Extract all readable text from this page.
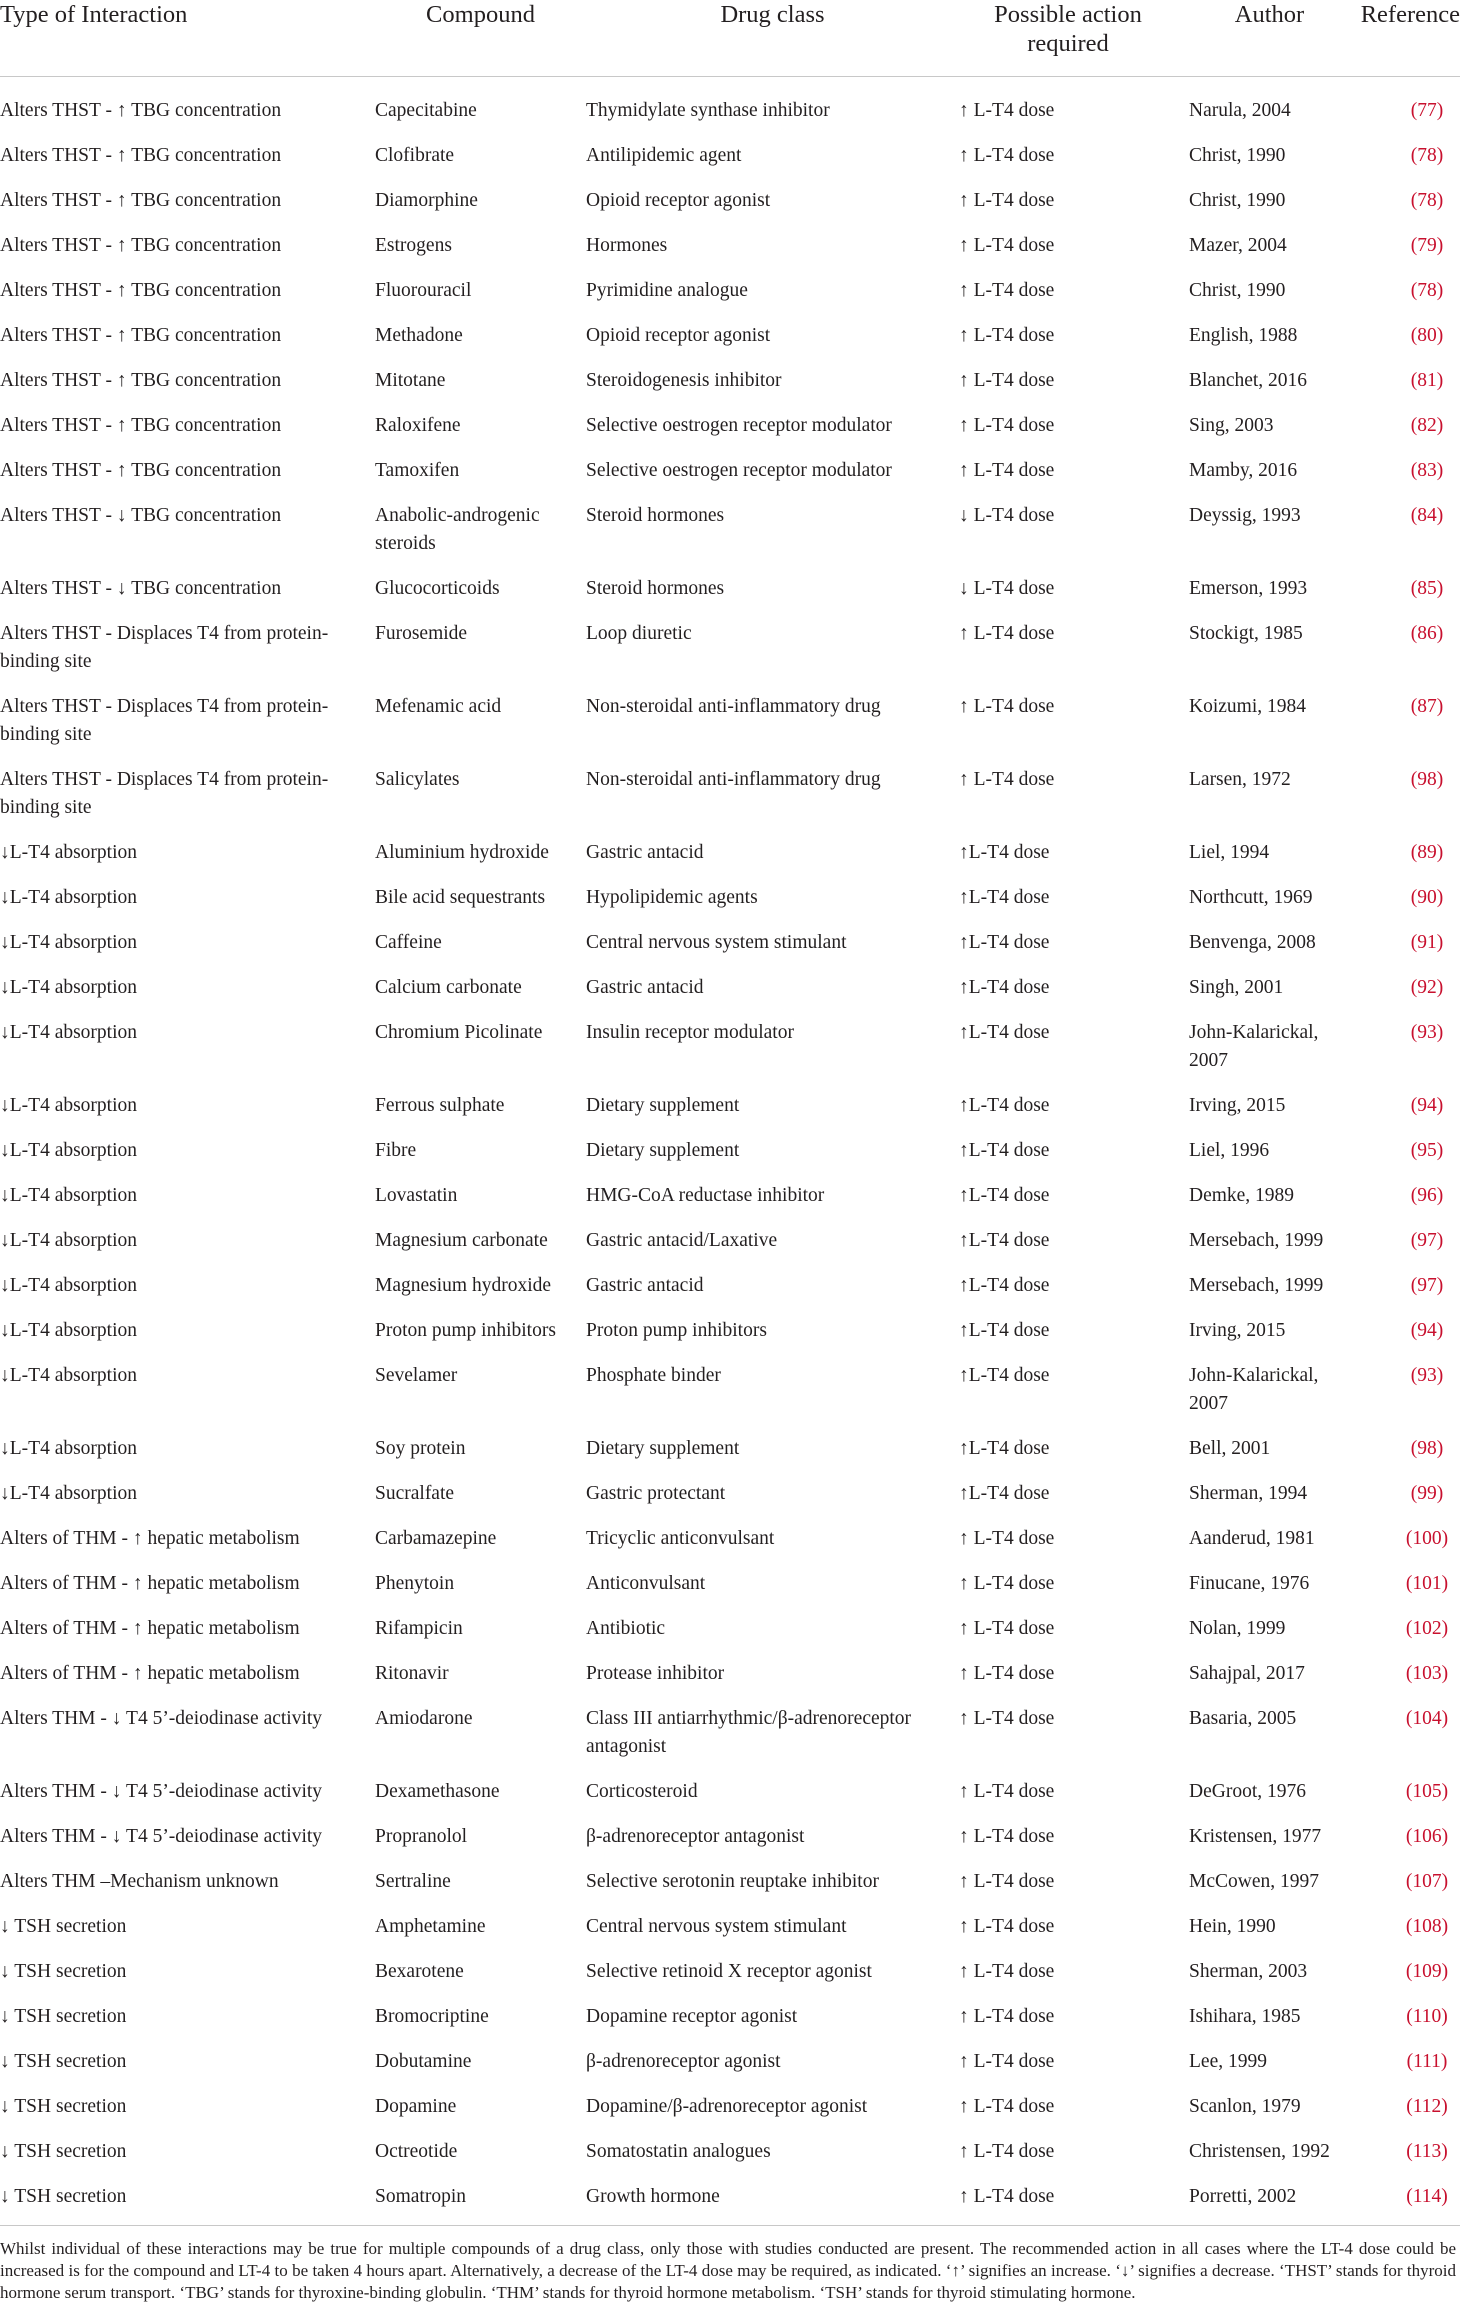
Type of Interaction	Compound	Drug class	Possible action required	Author	Reference
Alters THST - ↑ TBG concentration	Capecitabine	Thymidylate synthase inhibitor	↑ L-T4 dose	Narula, 2004	(77)
Alters THST - ↑ TBG concentration	Clofibrate	Antilipidemic agent	↑ L-T4 dose	Christ, 1990	(78)
Alters THST - ↑ TBG concentration	Diamorphine	Opioid receptor agonist	↑ L-T4 dose	Christ, 1990	(78)
Alters THST - ↑ TBG concentration	Estrogens	Hormones	↑ L-T4 dose	Mazer, 2004	(79)
Alters THST - ↑ TBG concentration	Fluorouracil	Pyrimidine analogue	↑ L-T4 dose	Christ, 1990	(78)
Alters THST - ↑ TBG concentration	Methadone	Opioid receptor agonist	↑ L-T4 dose	English, 1988	(80)
Alters THST - ↑ TBG concentration	Mitotane	Steroidogenesis inhibitor	↑ L-T4 dose	Blanchet, 2016	(81)
Alters THST - ↑ TBG concentration	Raloxifene	Selective oestrogen receptor modulator	↑ L-T4 dose	Sing, 2003	(82)
Alters THST - ↑ TBG concentration	Tamoxifen	Selective oestrogen receptor modulator	↑ L-T4 dose	Mamby, 2016	(83)
Alters THST - ↓ TBG concentration	Anabolic-androgenic steroids	Steroid hormones	↓ L-T4 dose	Deyssig, 1993	(84)
Alters THST - ↓ TBG concentration	Glucocorticoids	Steroid hormones	↓ L-T4 dose	Emerson, 1993	(85)
Alters THST - Displaces T4 from protein-binding site	Furosemide	Loop diuretic	↑ L-T4 dose	Stockigt, 1985	(86)
Alters THST - Displaces T4 from protein-binding site	Mefenamic acid	Non-steroidal anti-inflammatory drug	↑ L-T4 dose	Koizumi, 1984	(87)
Alters THST - Displaces T4 from protein-binding site	Salicylates	Non-steroidal anti-inflammatory drug	↑ L-T4 dose	Larsen, 1972	(98)
↓L-T4 absorption	Aluminium hydroxide	Gastric antacid	↑L-T4 dose	Liel, 1994	(89)
↓L-T4 absorption	Bile acid sequestrants	Hypolipidemic agents	↑L-T4 dose	Northcutt, 1969	(90)
↓L-T4 absorption	Caffeine	Central nervous system stimulant	↑L-T4 dose	Benvenga, 2008	(91)
↓L-T4 absorption	Calcium carbonate	Gastric antacid	↑L-T4 dose	Singh, 2001	(92)
↓L-T4 absorption	Chromium Picolinate	Insulin receptor modulator	↑L-T4 dose	John-Kalarickal, 2007	(93)
↓L-T4 absorption	Ferrous sulphate	Dietary supplement	↑L-T4 dose	Irving, 2015	(94)
↓L-T4 absorption	Fibre	Dietary supplement	↑L-T4 dose	Liel, 1996	(95)
↓L-T4 absorption	Lovastatin	HMG-CoA reductase inhibitor	↑L-T4 dose	Demke, 1989	(96)
↓L-T4 absorption	Magnesium carbonate	Gastric antacid/Laxative	↑L-T4 dose	Mersebach, 1999	(97)
↓L-T4 absorption	Magnesium hydroxide	Gastric antacid	↑L-T4 dose	Mersebach, 1999	(97)
↓L-T4 absorption	Proton pump inhibitors	Proton pump inhibitors	↑L-T4 dose	Irving, 2015	(94)
↓L-T4 absorption	Sevelamer	Phosphate binder	↑L-T4 dose	John-Kalarickal, 2007	(93)
↓L-T4 absorption	Soy protein	Dietary supplement	↑L-T4 dose	Bell, 2001	(98)
↓L-T4 absorption	Sucralfate	Gastric protectant	↑L-T4 dose	Sherman, 1994	(99)
Alters of THM - ↑ hepatic metabolism	Carbamazepine	Tricyclic anticonvulsant	↑ L-T4 dose	Aanderud, 1981	(100)
Alters of THM - ↑ hepatic metabolism	Phenytoin	Anticonvulsant	↑ L-T4 dose	Finucane, 1976	(101)
Alters of THM - ↑ hepatic metabolism	Rifampicin	Antibiotic	↑ L-T4 dose	Nolan, 1999	(102)
Alters of THM - ↑ hepatic metabolism	Ritonavir	Protease inhibitor	↑ L-T4 dose	Sahajpal, 2017	(103)
Alters THM - ↓ T4 5’-deiodinase activity	Amiodarone	Class III antiarrhythmic/β-adrenoreceptor antagonist	↑ L-T4 dose	Basaria, 2005	(104)
Alters THM - ↓ T4 5’-deiodinase activity	Dexamethasone	Corticosteroid	↑ L-T4 dose	DeGroot, 1976	(105)
Alters THM - ↓ T4 5’-deiodinase activity	Propranolol	β-adrenoreceptor antagonist	↑ L-T4 dose	Kristensen, 1977	(106)
Alters THM –Mechanism unknown	Sertraline	Selective serotonin reuptake inhibitor	↑ L-T4 dose	McCowen, 1997	(107)
↓ TSH secretion	Amphetamine	Central nervous system stimulant	↑ L-T4 dose	Hein, 1990	(108)
↓ TSH secretion	Bexarotene	Selective retinoid X receptor agonist	↑ L-T4 dose	Sherman, 2003	(109)
↓ TSH secretion	Bromocriptine	Dopamine receptor agonist	↑ L-T4 dose	Ishihara, 1985	(110)
↓ TSH secretion	Dobutamine	β-adrenoreceptor agonist	↑ L-T4 dose	Lee, 1999	(111)
↓ TSH secretion	Dopamine	Dopamine/β-adrenoreceptor agonist	↑ L-T4 dose	Scanlon, 1979	(112)
↓ TSH secretion	Octreotide	Somatostatin analogues	↑ L-T4 dose	Christensen, 1992	(113)
↓ TSH secretion	Somatropin	Growth hormone	↑ L-T4 dose	Porretti, 2002	(114)
Whilst individual of these interactions may be true for multiple compounds of a drug class, only those with studies conducted are present. The recommended action in all cases where the LT-4 dose could be increased is for the compound and LT-4 to be taken 4 hours apart. Alternatively, a decrease of the LT-4 dose may be required, as indicated. ‘↑’ signifies an increase. ‘↓’ signifies a decrease. ‘THST’ stands for thyroid hormone serum transport. ‘TBG’ stands for thyroxine-binding globulin. ‘THM’ stands for thyroid hormone metabolism. ‘TSH’ stands for thyroid stimulating hormone.					
